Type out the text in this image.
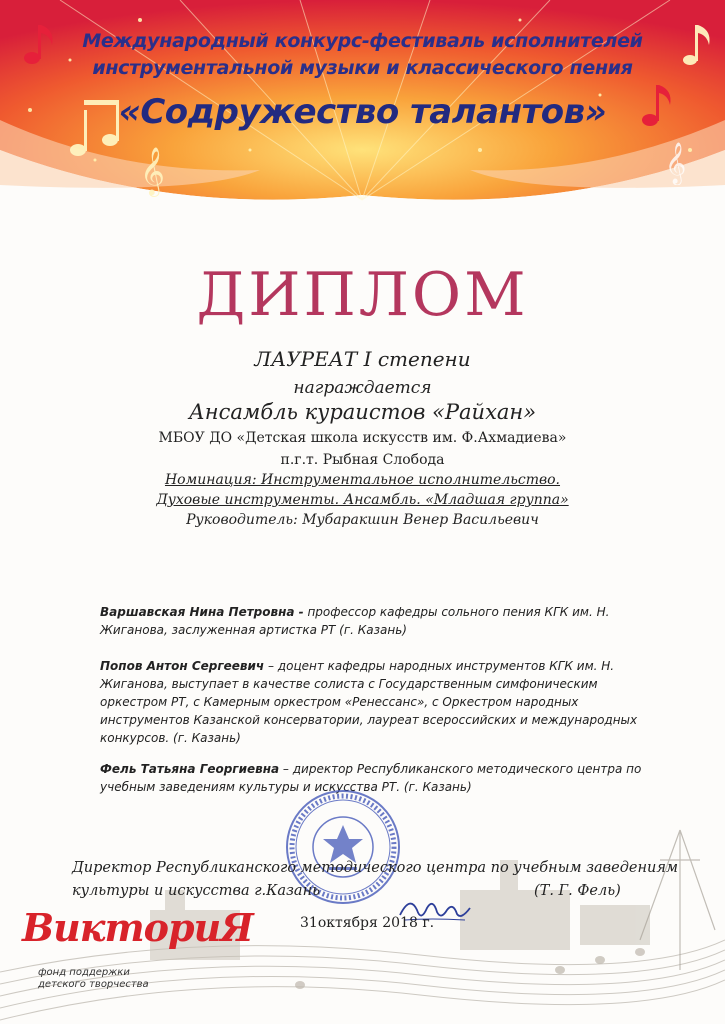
𝄞	𝄞
Международный конкурс-фестиваль исполнителей
инструментальной музыки и классического пения
«Содружество талантов»
ДИПЛОМ
ЛАУРЕАТ I степени
награждается
Ансамбль кураистов «Райхан»
МБОУ ДО «Детская школа искусств им. Ф.Ахмадиева»
п.г.т. Рыбная Слобода
Номинация: Инструментальное исполнительство.
Духовые инструменты. Ансамбль. «Младшая группа»
Руководитель: Мубаракшин Венер Васильевич
Варшавская Нина Петровна - профессор кафедры сольного пения КГК им. Н. Жиганова, заслуженная артистка РТ (г. Казань)
Попов Антон Сергеевич – доцент кафедры народных инструментов КГК им. Н. Жиганова, выступает в качестве солиста с Государственным симфоническим оркестром РТ, с Камерным оркестром «Ренессанс», с Оркестром народных инструментов Казанской консерватории, лауреат всероссийских и международных конкурсов. (г. Казань)
Фель Татьяна Георгиевна – директор Республиканского методического центра по учебным заведениям культуры и искусства РТ. (г. Казань)
Директор Республиканского методического центра по учебным заведениям
культуры и искусства г.Казань	(Т. Г. Фель)
31октября 2018 г.
ВикториЯ
фонд поддержки
детского творчества
